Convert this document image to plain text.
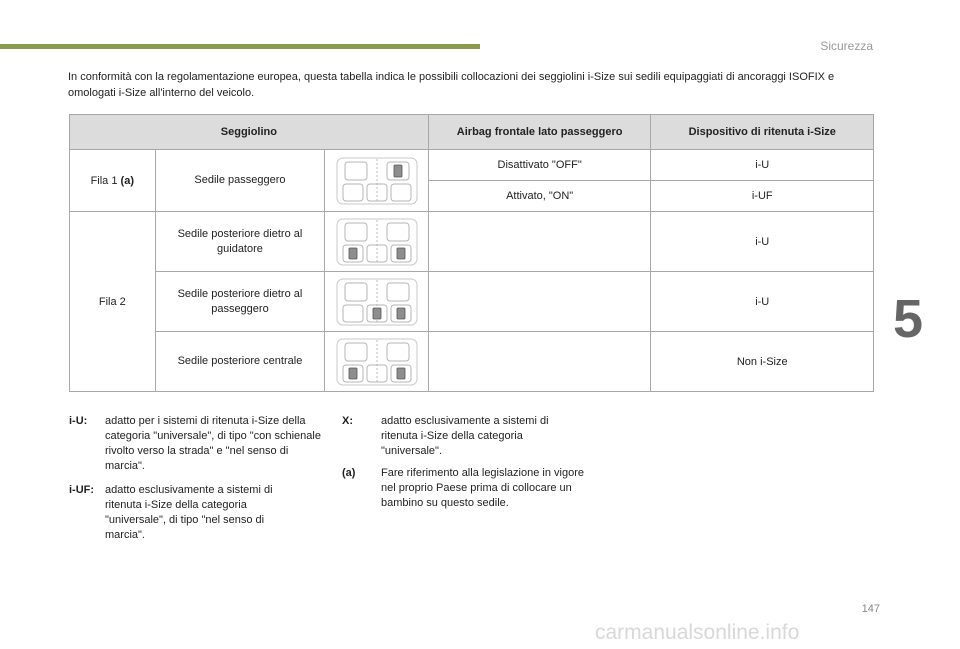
Sicurezza
5

In conformità con la regolamentazione europea, questa tabella indica le possibili collocazioni dei seggiolini i-Size sui sedili equipaggiati di ancoraggi ISOFIX e omologati i-Size all'interno del veicolo.

Seggiolino			Airbag frontale lato passeggero	Dispositivo di ritenuta i-Size
Fila 1 (a)	Sedile passeggero		Disattivato "OFF"	i-U
			Attivato, "ON"	i-UF
Fila 2	Sedile posteriore dietro al guidatore			i-U
	Sedile posteriore dietro al passeggero			i-U
	Sedile posteriore centrale			Non i-Size
i-U: adatto per i sistemi di ritenuta i-Size della categoria "universale", di tipo "con schienale rivolto verso la strada" e "nel senso di marcia".
i-UF: adatto esclusivamente a sistemi di ritenuta i-Size della categoria "universale", di tipo "nel senso di marcia".
X:	adatto esclusivamente a sistemi di ritenuta i-Size della categoria "universale".
(a) Fare riferimento alla legislazione in vigore nel proprio Paese prima di collocare un bambino su questo sedile.
147
carmanualsonline.info
